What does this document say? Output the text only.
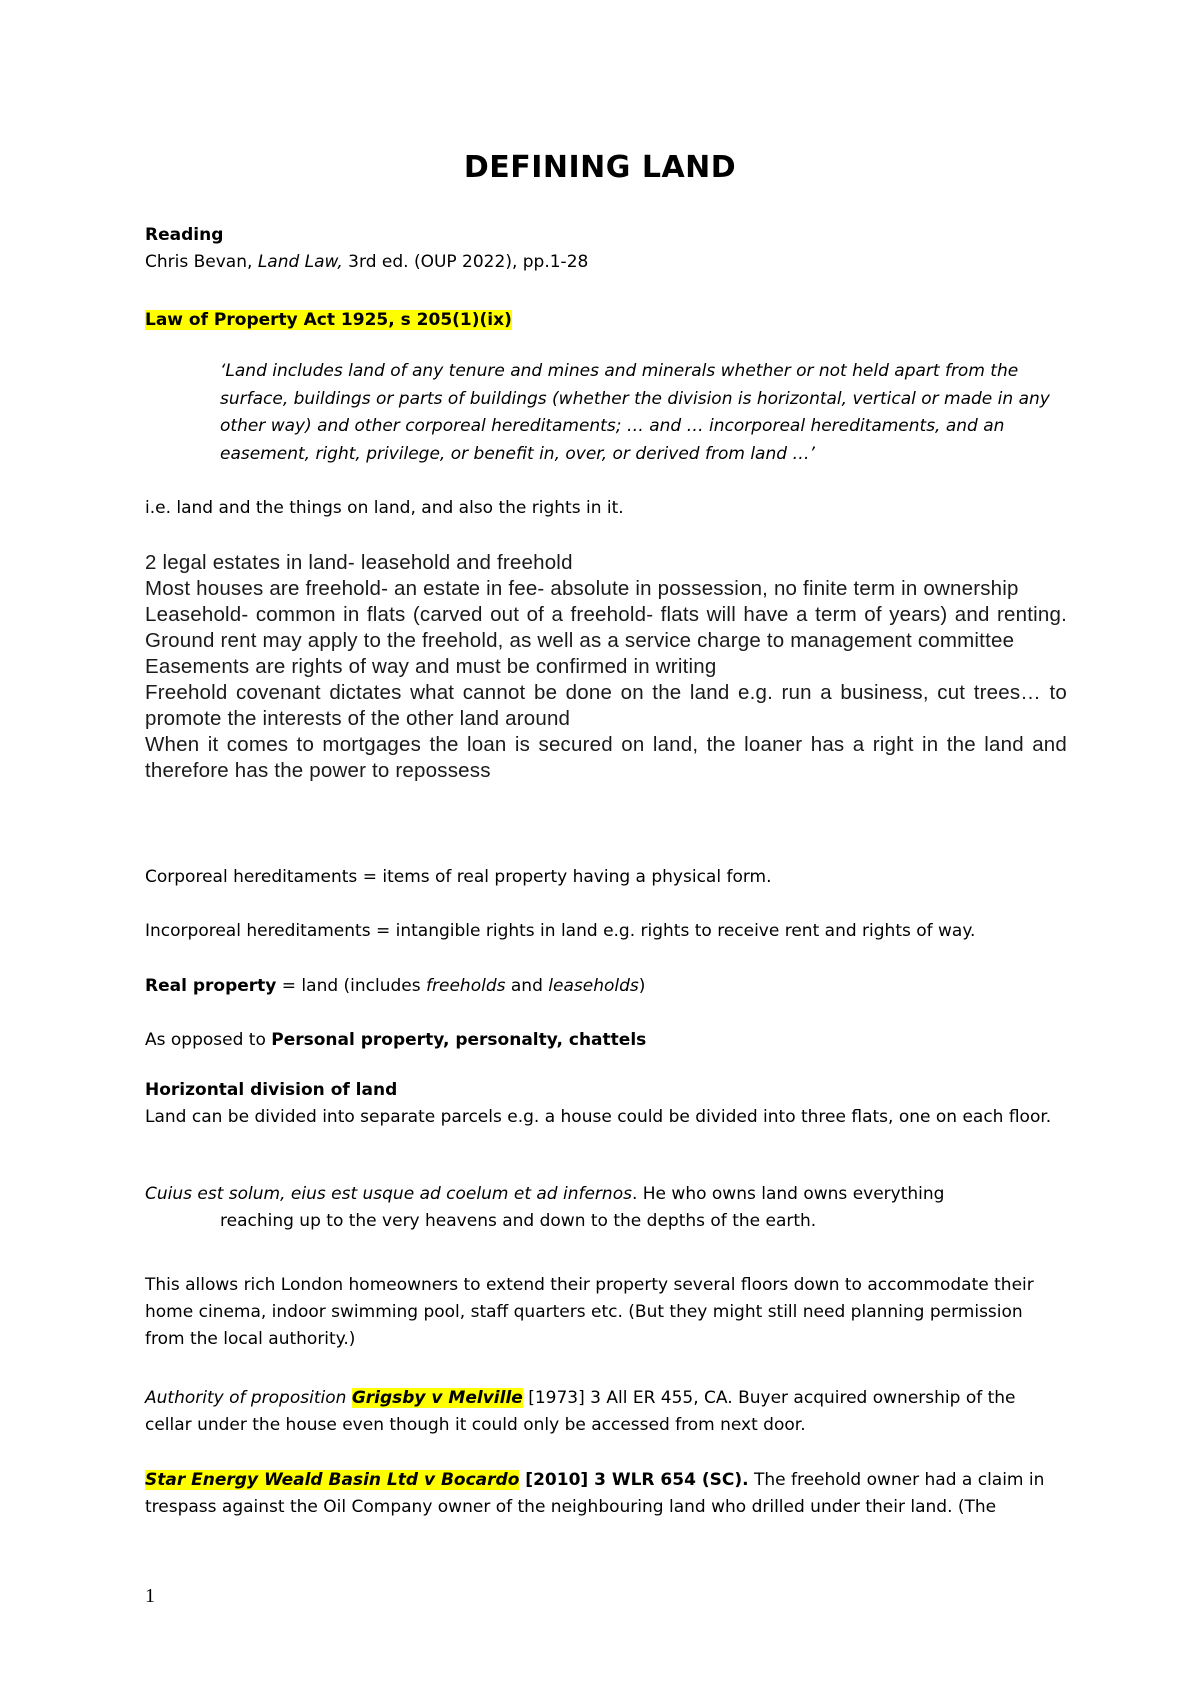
DEFINING LAND
Reading
Chris Bevan, Land Law, 3rd ed. (OUP 2022), pp.1-28
Law of Property Act 1925, s 205(1)(ix)
‘Land includes land of any tenure and mines and minerals whether or not held apart from the surface, buildings or parts of buildings (whether the division is horizontal, vertical or made in any other way) and other corporeal hereditaments; … and … incorporeal hereditaments, and an easement, right, privilege, or benefit in, over, or derived from land …’
i.e. land and the things on land, and also the rights in it.

2 legal estates in land- leasehold and freehold

Most houses are freehold- an estate in fee- absolute in possession, no finite term in ownership

Leasehold- common in flats (carved out of a freehold- flats will have a term of years) and renting. Ground rent may apply to the freehold, as well as a service charge to management committee

Easements are rights of way and must be confirmed in writing

Freehold covenant dictates what cannot be done on the land e.g. run a business, cut trees… to promote the interests of the other land around

When it comes to mortgages the loan is secured on land, the loaner has a right in the land and therefore has the power to repossess

Corporeal hereditaments = items of real property having a physical form.
Incorporeal hereditaments = intangible rights in land e.g. rights to receive rent and rights of way.
Real property = land (includes freeholds and leaseholds)
As opposed to Personal property, personalty, chattels
Horizontal division of land
Land can be divided into separate parcels e.g. a house could be divided into three flats, one on each floor.
Cuius est solum, eius est usque ad coelum et ad infernos. He who owns land owns everything
reaching up to the very heavens and down to the depths of the earth.
This allows rich London homeowners to extend their property several floors down to accommodate their home cinema, indoor swimming pool, staff quarters etc. (But they might still need planning permission from the local authority.)
Authority of proposition Grigsby v Melville [1973] 3 All ER 455, CA. Buyer acquired ownership of the cellar under the house even though it could only be accessed from next door.
Star Energy Weald Basin Ltd v Bocardo [2010] 3 WLR 654 (SC). The freehold owner had a claim in trespass against the Oil Company owner of the neighbouring land who drilled under their land. (The
1
